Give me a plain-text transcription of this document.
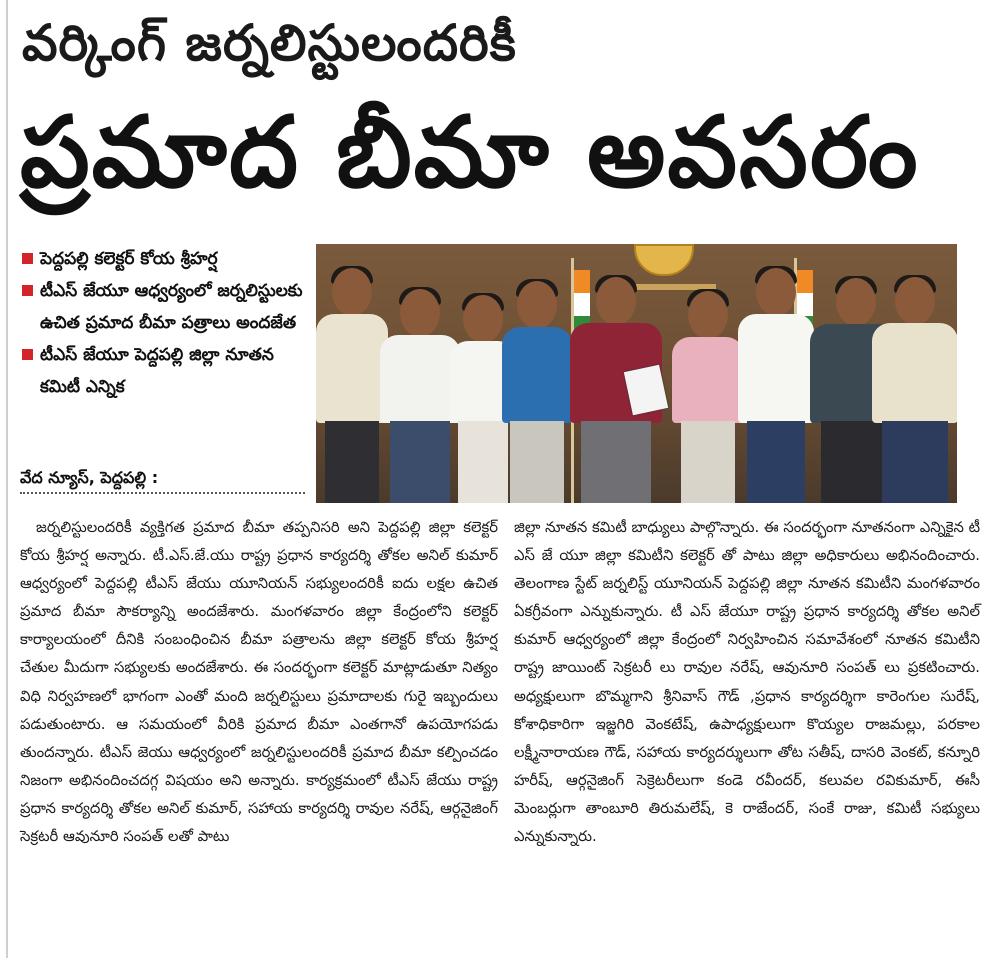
వర్కింగ్ జర్నలిస్టులందరికీ
ప్రమాద బీమా అవసరం
పెద్దపల్లి కలెక్టర్ కోయ శ్రీహర్ష
టీఎస్ జేయూ ఆధ్వర్యంలో జర్నలిస్టులకు ఉచిత ప్రమాద బీమా పత్రాలు అందజేత
టీఎస్ జేయూ పెద్దపల్లి జిల్లా నూతన కమిటీ ఎన్నిక
వేద న్యూస్, పెద్దపల్లి :
జర్నలిస్టులందరికీ వ్యక్తిగత ప్రమాద బీమా తప్పనిసరి అని పెద్దపల్లి జిల్లా కలెక్టర్ కోయ శ్రీహర్ష అన్నారు. టీ.ఎస్.జే.యు రాష్ట్ర ప్రధాన కార్యదర్శి తోకల అనిల్ కుమార్ ఆధ్వర్యంలో పెద్దపల్లి టీఎస్ జేయు యూనియన్ సభ్యులందరికీ ఐదు లక్షల ఉచిత ప్రమాద బీమా సౌకర్యాన్ని అందజేశారు. మంగళవారం జిల్లా కేంద్రంలోని కలెక్టర్ కార్యాలయంలో దీనికి సంబంధించిన బీమా పత్రాలను జిల్లా కలెక్టర్ కోయ శ్రీహర్ష చేతుల మీదుగా సభ్యులకు అందజేశారు. ఈ సందర్భంగా కలెక్టర్ మాట్లాడుతూ నిత్యం విధి నిర్వహణలో భాగంగా ఎంతో మంది జర్నలిస్టులు ప్రమాదాలకు గురై ఇబ్బందులు పడుతుంటారు. ఆ సమయంలో వీరికి ప్రమాద బీమా ఎంతగానో ఉపయోగపడు తుందన్నారు. టీఎస్ జెయు ఆధ్వర్యంలో జర్నలిస్టులందరికీ ప్రమాద బీమా కల్పించడం నిజంగా అభినందించదగ్గ విషయం అని అన్నారు. కార్యక్రమంలో టీఎస్ జేయు రాష్ట్ర ప్రధాన కార్యదర్శి తోకల అనిల్ కుమార్, సహాయ కార్యదర్శి రావుల నరేష్, ఆర్గనైజింగ్ సెక్రటరీ ఆవునూరి సంపత్ లతో పాటు
జిల్లా నూతన కమిటీ బాధ్యులు పాల్గొన్నారు. ఈ సందర్భంగా నూతనంగా ఎన్నికైన టీ ఎస్ జే యూ జిల్లా కమిటీని కలెక్టర్ తో పాటు జిల్లా అధికారులు అభినందించారు. తెలంగాణ స్టేట్ జర్నలిస్ట్ యూనియన్ పెద్దపల్లి జిల్లా నూతన కమిటీని మంగళవారం ఏకగ్రీవంగా ఎన్నుకున్నారు. టీ ఎస్ జేయూ రాష్ట్ర ప్రధాన కార్యదర్శి తోకల అనిల్ కుమార్ ఆధ్వర్యంలో జిల్లా కేంద్రంలో నిర్వహించిన సమావేశంలో నూతన కమిటీని రాష్ట్ర జాయింట్ సెక్రటరీ లు రావుల నరేష్, ఆవునూరి సంపత్ లు ప్రకటించారు. అధ్యక్షులుగా బొమ్మగాని శ్రీనివాస్ గౌడ్ ,ప్రధాన కార్యదర్శిగా కారెంగుల సురేష్, కోశాధికారిగా ఇజ్జగిరి వెంకటేష్, ఉపాధ్యక్షులుగా కొయ్యల రాజమల్లు, పరకాల లక్ష్మీనారాయణ గౌడ్, సహాయ కార్యదర్శులుగా తోట సతీష్, దాసరి వెంకట్, కన్నూరి హరీష్, ఆర్గనైజింగ్ సెక్రెటరీలుగా కండె రవీందర్, కలువల రవికుమార్, ఈసీ మెంబర్లుగా తాంబూరి తిరుమలేష్, కె రాజేందర్, సంకే రాజు, కమిటీ సభ్యులు ఎన్నుకున్నారు.
